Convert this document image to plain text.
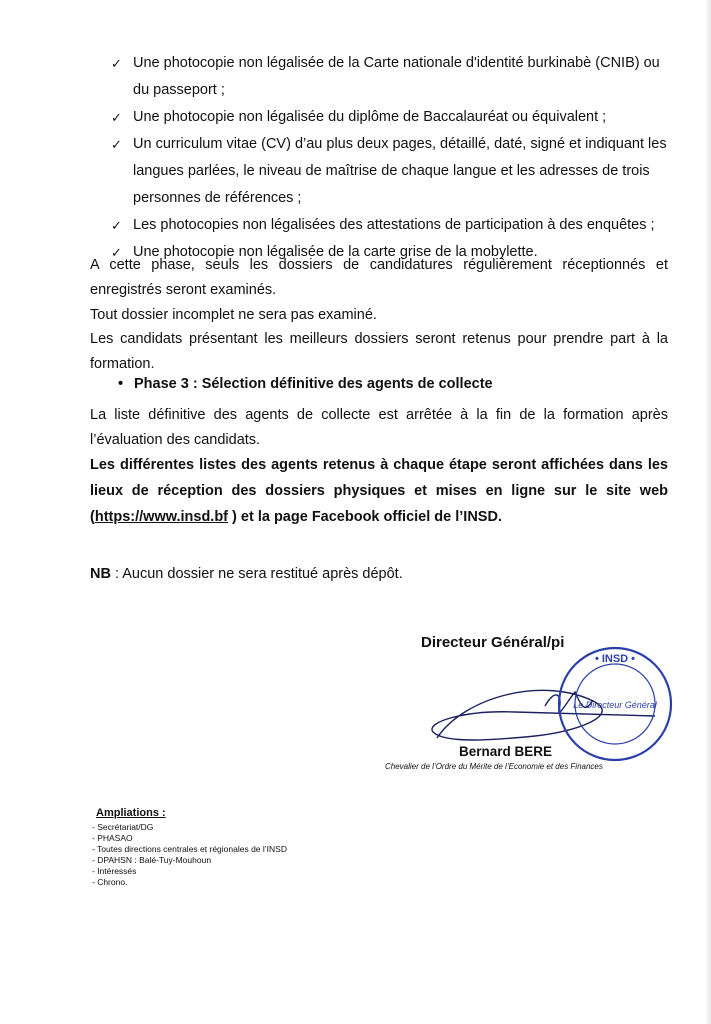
✓ Une photocopie non légalisée de la Carte nationale d'identité burkinabè (CNIB) ou
du passeport ;
✓ Une photocopie non légalisée du diplôme de Baccalauréat ou équivalent ;
✓ Un curriculum vitae (CV) d’au plus deux pages, détaillé, daté, signé et indiquant les
langues parlées, le niveau de maîtrise de chaque langue et les adresses de trois
personnes de références ;
✓ Les photocopies non légalisées des attestations de participation à des enquêtes ;
✓ Une photocopie non légalisée de la carte grise de la mobylette.
A cette phase, seuls les dossiers de candidatures régulièrement réceptionnés et
enregistrés seront examinés.
Tout dossier incomplet ne sera pas examiné.
Les candidats présentant les meilleurs dossiers seront retenus pour prendre part à la
formation.
• Phase 3 : Sélection définitive des agents de collecte
La liste définitive des agents de collecte est arrêtée à la fin de la formation après
l’évaluation des candidats.
Les différentes listes des agents retenus à chaque étape seront affichées dans les
lieux de réception des dossiers physiques et mises en ligne sur le site web
(https://www.insd.bf ) et la page Facebook officiel de l’INSD.
NB : Aucun dossier ne sera restitué après dépôt.
Directeur Général/pi
• INSD •
Le Directeur Général
Bernard BERE
Chevalier de l’Ordre du Mérite de l’Economie et des Finances
Ampliations :
- Secrétariat/DG
- PHASAO
- Toutes directions centrales et régionales de l’INSD
- DPAHSN : Balé-Tuy-Mouhoun
- Intéressés
- Chrono.
